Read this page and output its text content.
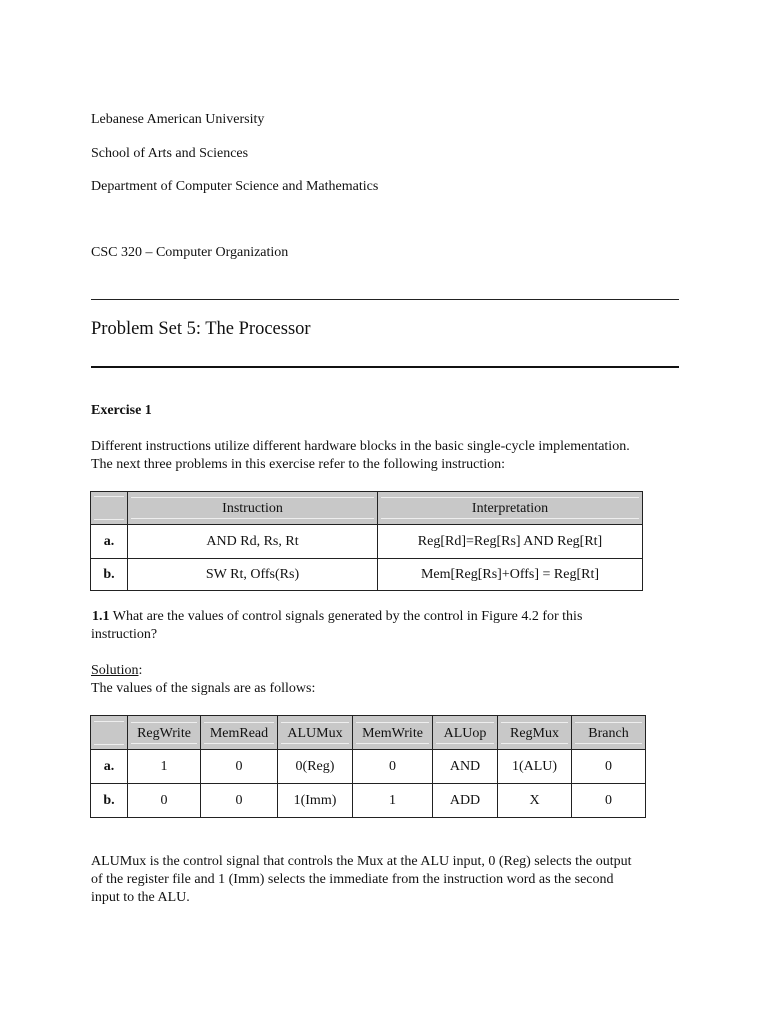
Lebanese American University
School of Arts and Sciences
Department of Computer Science and Mathematics
CSC 320 – Computer Organization
Problem Set 5: The Processor
Exercise 1
Different instructions utilize different hardware blocks in the basic single-cycle implementation.
The next three problems in this exercise refer to the following instruction:

	Instruction	Interpretation

a.	AND Rd, Rs, Rt	Reg[Rd]=Reg[Rs] AND Reg[Rt]
b.	SW Rt, Offs(Rs)	Mem[Reg[Rs]+Offs] = Reg[Rt]
1.1 What are the values of control signals generated by the control in Figure 4.2 for this
instruction?
Solution:
The values of the signals are as follows:

	RegWrite	MemRead	ALUMux	MemWrite	ALUop	RegMux	Branch

a.	1	0	0(Reg)	0	AND	1(ALU)	0
b.	0	0	1(Imm)	1	ADD	X	0
ALUMux is the control signal that controls the Mux at the ALU input, 0 (Reg) selects the output
of the register file and 1 (Imm) selects the immediate from the instruction word as the second
input to the ALU.
